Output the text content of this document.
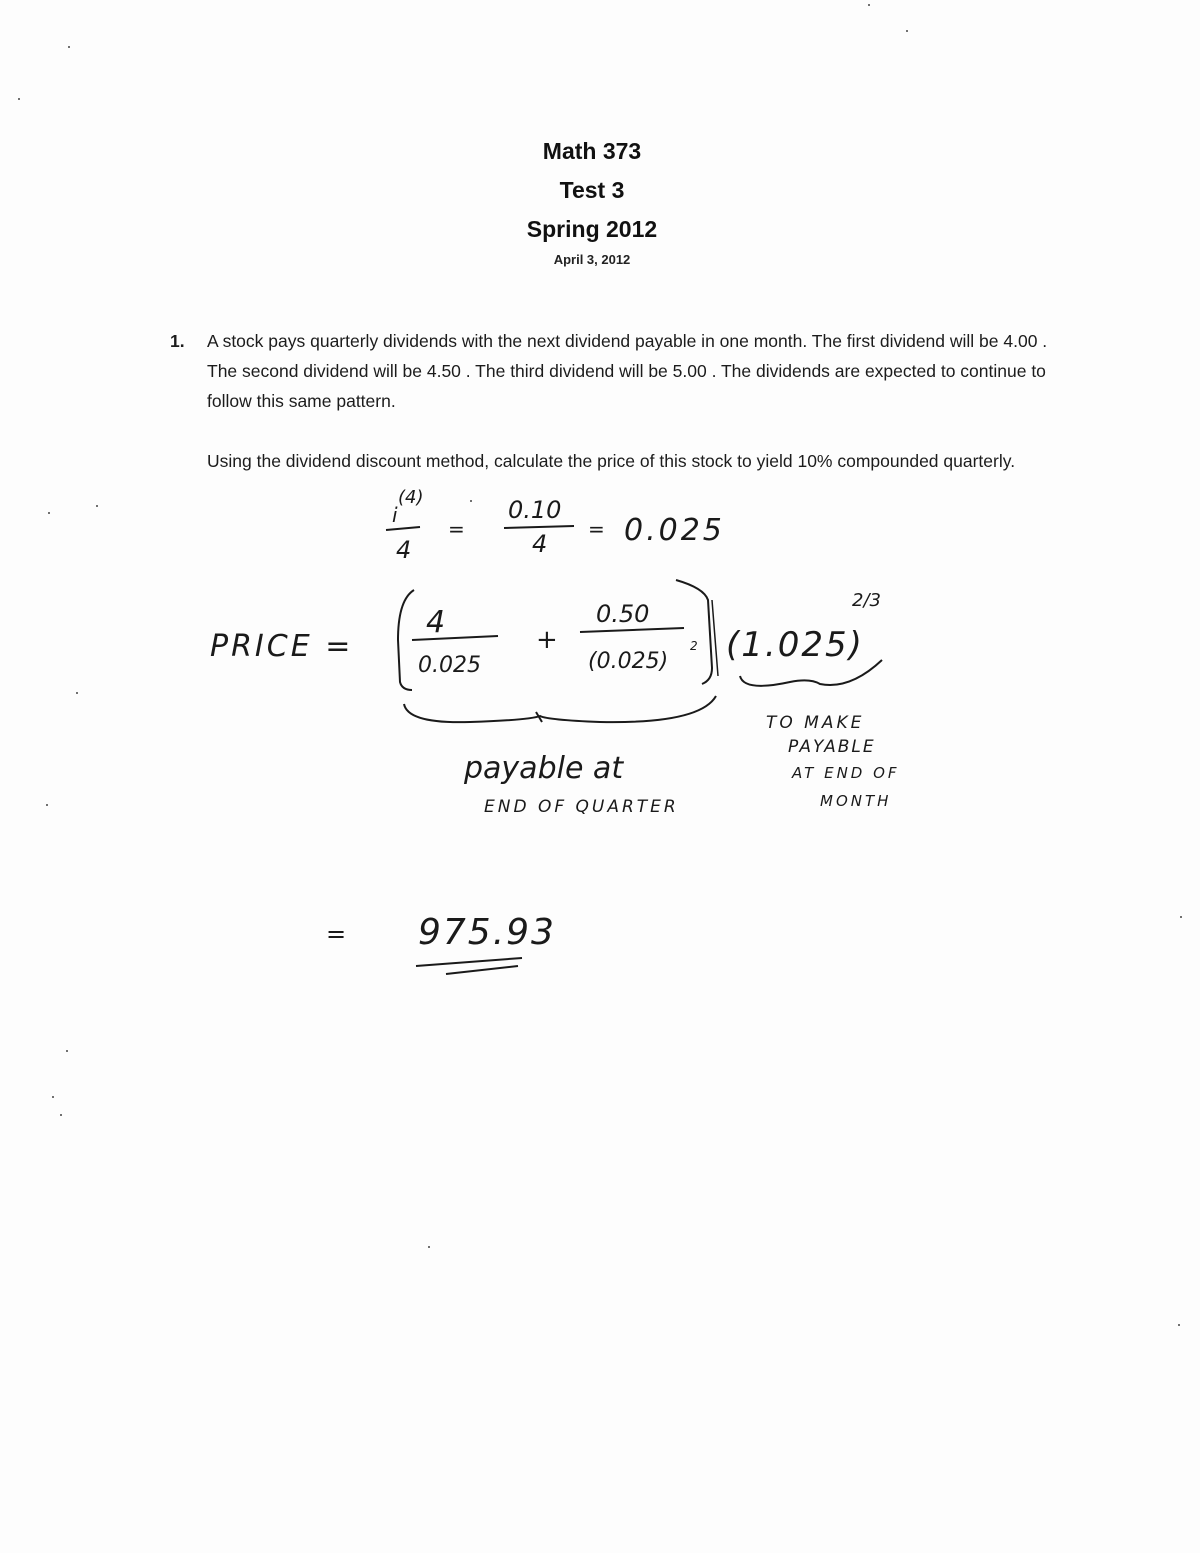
Math 373
Test 3
Spring 2012
April 3, 2012
1. A stock pays quarterly dividends with the next dividend payable in one month. The first dividend will be 4.00 . The second dividend will be 4.50 . The third dividend will be 5.00 . The dividends are expected to continue to follow this same pattern.
Using the dividend discount method, calculate the price of this stock to yield 10% compounded quarterly.
(4)
i
4
=
0.10
4
= 0.025
PRICE =
4
0.025
+
0.50
(0.025)
2 (1.025)
2/3
payable at
END OF QUARTER
TO MAKE
PAYABLE
AT END OF
MONTH
= 975.93
